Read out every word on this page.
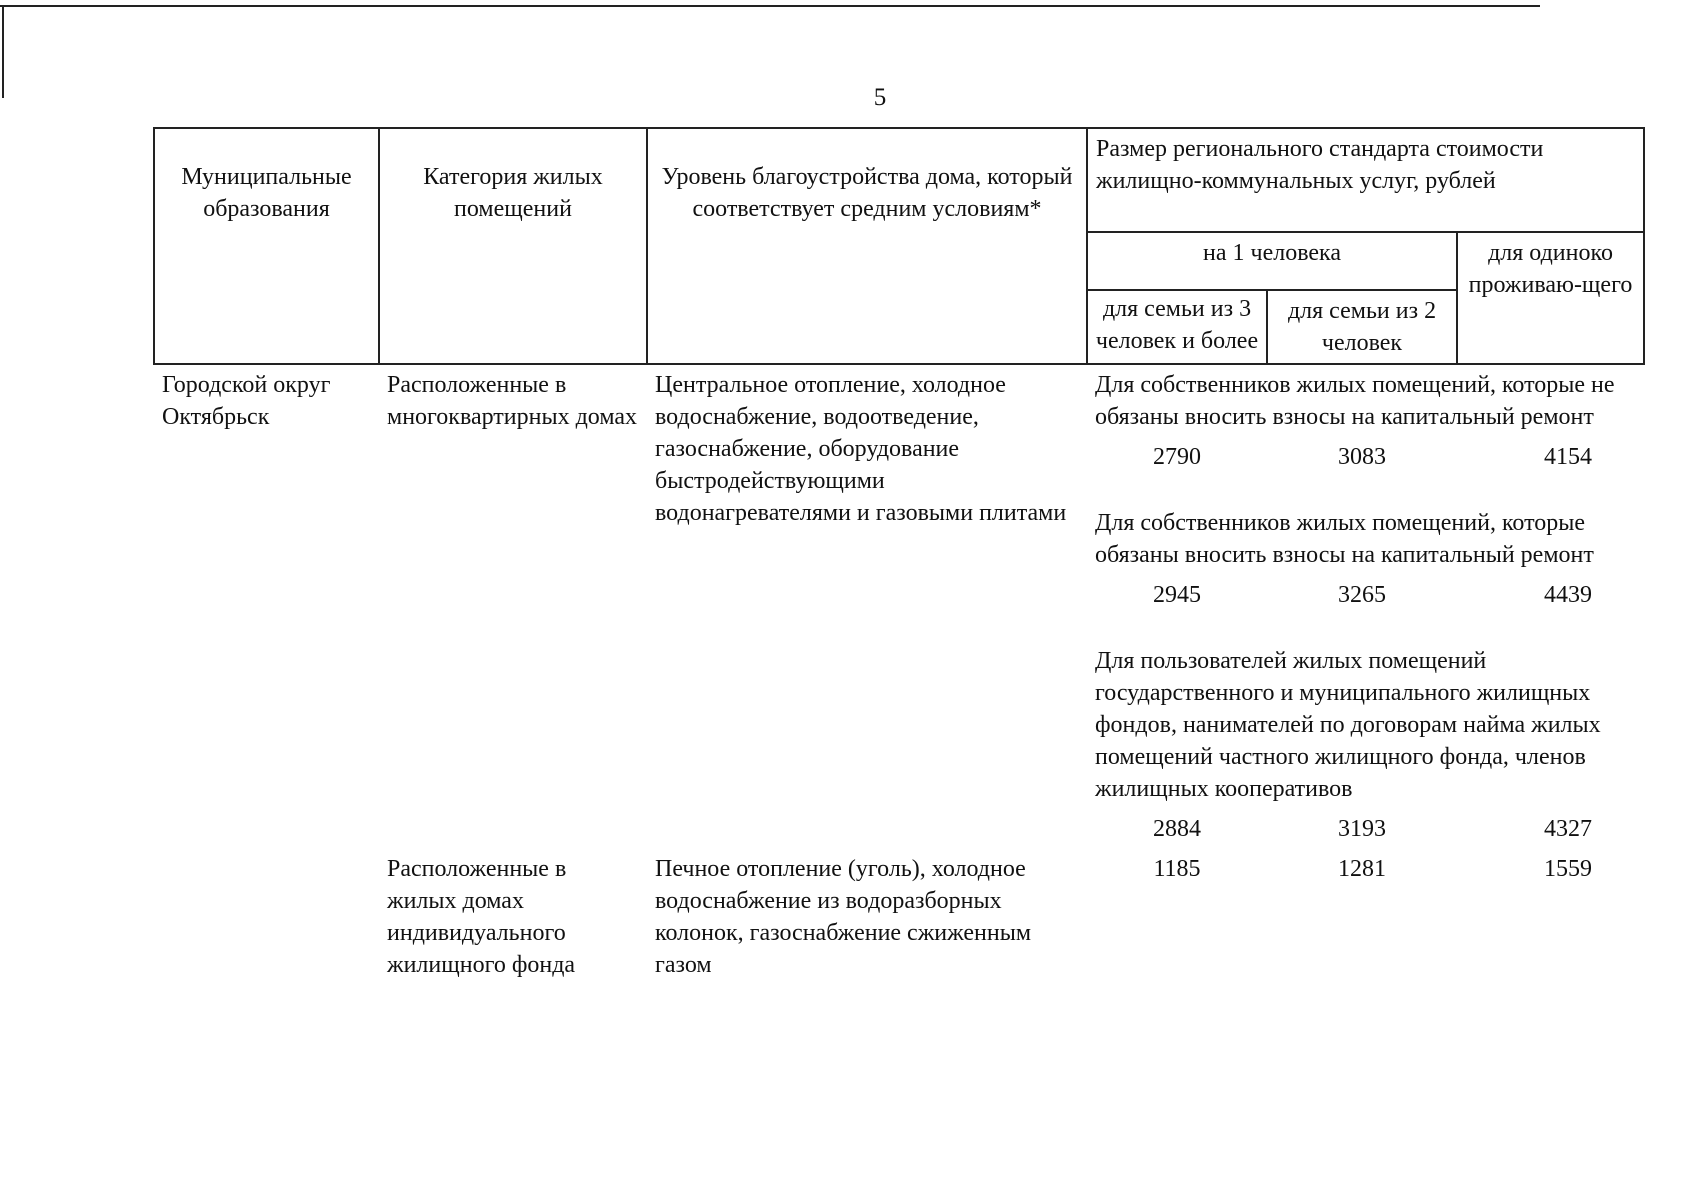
5
Муниципальные образования	Категория жилых помещений	Уровень благоустройства дома, который
соответствует средним условиям*	Размер регионального стандарта стоимости жилищно-коммунальных услуг, рублей		
			на 1 человека		для одиноко проживаю-щего
			для семьи из 3 человек и более	для семьи из 2 человек	
Городской округ Октябрьск	Расположенные в многоквартирных домах	Центральное отопление, холодное водоснабжение, водоотведение, газоснабжение, оборудование быстродействующими водонагревателями и газовыми плитами	Для собственников жилых помещений, которые не обязаны вносить взносы на капитальный ремонт		
			2790	3083	4154

			Для собственников жилых помещений, которые обязаны вносить взносы на капитальный ремонт		
			2945	3265	4439

			Для пользователей жилых помещений государственного и муниципального жилищных фондов, нанимателей по договорам найма жилых помещений частного жилищного фонда, членов жилищных кооперативов		
			2884	3193	4327
	Расположенные в жилых домах индивидуального жилищного фонда	Печное отопление (уголь), холодное водоснабжение из водоразборных колонок, газоснабжение сжиженным газом	1185	1281	1559
